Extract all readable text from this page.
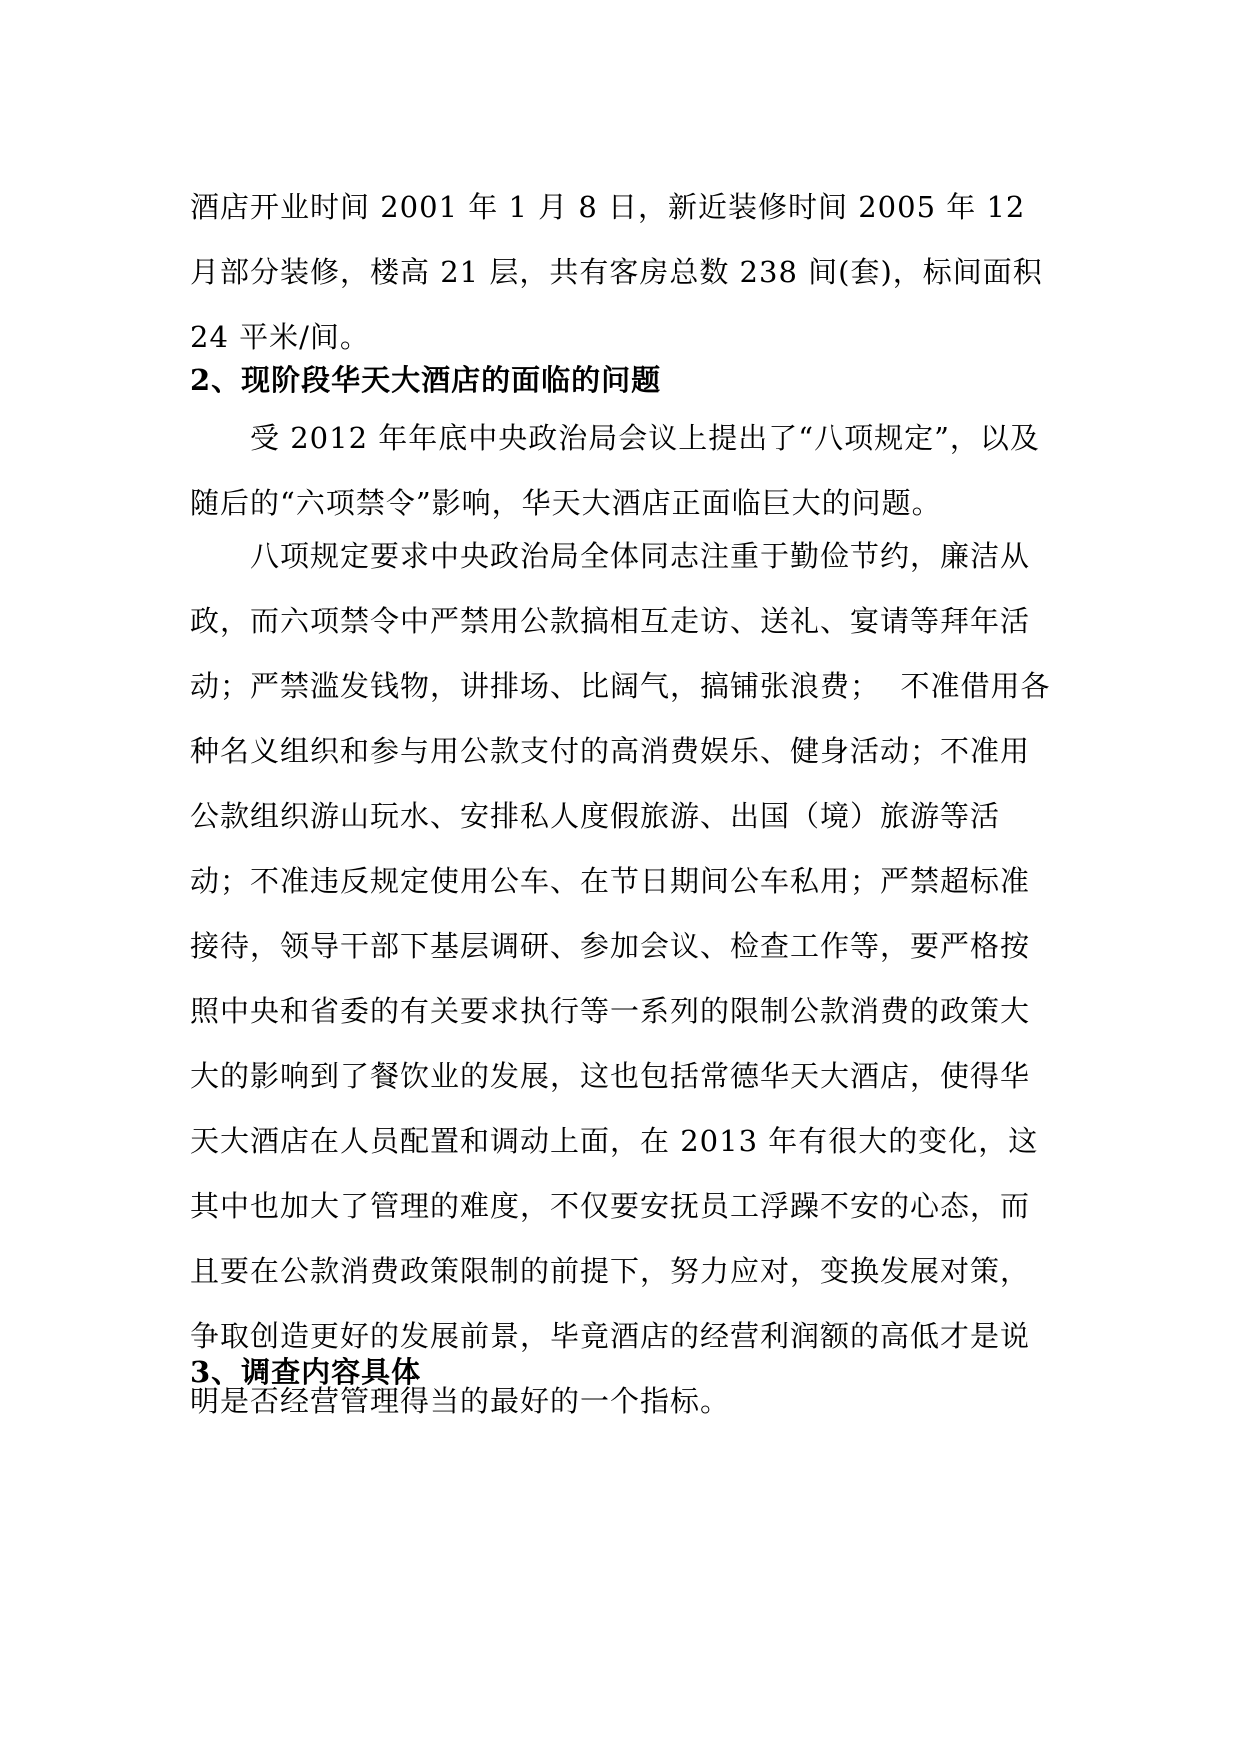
酒店开业时间 2001 年 1 月 8 日，新近装修时间 2005 年 12 月部分装修，楼高 21 层，共有客房总数 238 间(套)，标间面积 24 平米/间。

2、现阶段华天大酒店的面临的问题

受 2012 年年底中央政治局会议上提出了“八项规定”，以及随后的“六项禁令”影响，华天大酒店正面临巨大的问题。

八项规定要求中央政治局全体同志注重于勤俭节约，廉洁从政，而六项禁令中严禁用公款搞相互走访、送礼、宴请等拜年活动；严禁滥发钱物，讲排场、比阔气，搞铺张浪费；  不准借用各种名义组织和参与用公款支付的高消费娱乐、健身活动；不准用公款组织游山玩水、安排私人度假旅游、出国（境）旅游等活动；不准违反规定使用公车、在节日期间公车私用；严禁超标准接待，领导干部下基层调研、参加会议、检查工作等，要严格按照中央和省委的有关要求执行等一系列的限制公款消费的政策大大的影响到了餐饮业的发展，这也包括常德华天大酒店，使得华天大酒店在人员配置和调动上面，在 2013 年有很大的变化，这其中也加大了管理的难度，不仅要安抚员工浮躁不安的心态，而且要在公款消费政策限制的前提下，努力应对，变换发展对策，争取创造更好的发展前景，毕竟酒店的经营利润额的高低才是说明是否经营管理得当的最好的一个指标。

3、调查内容具体
